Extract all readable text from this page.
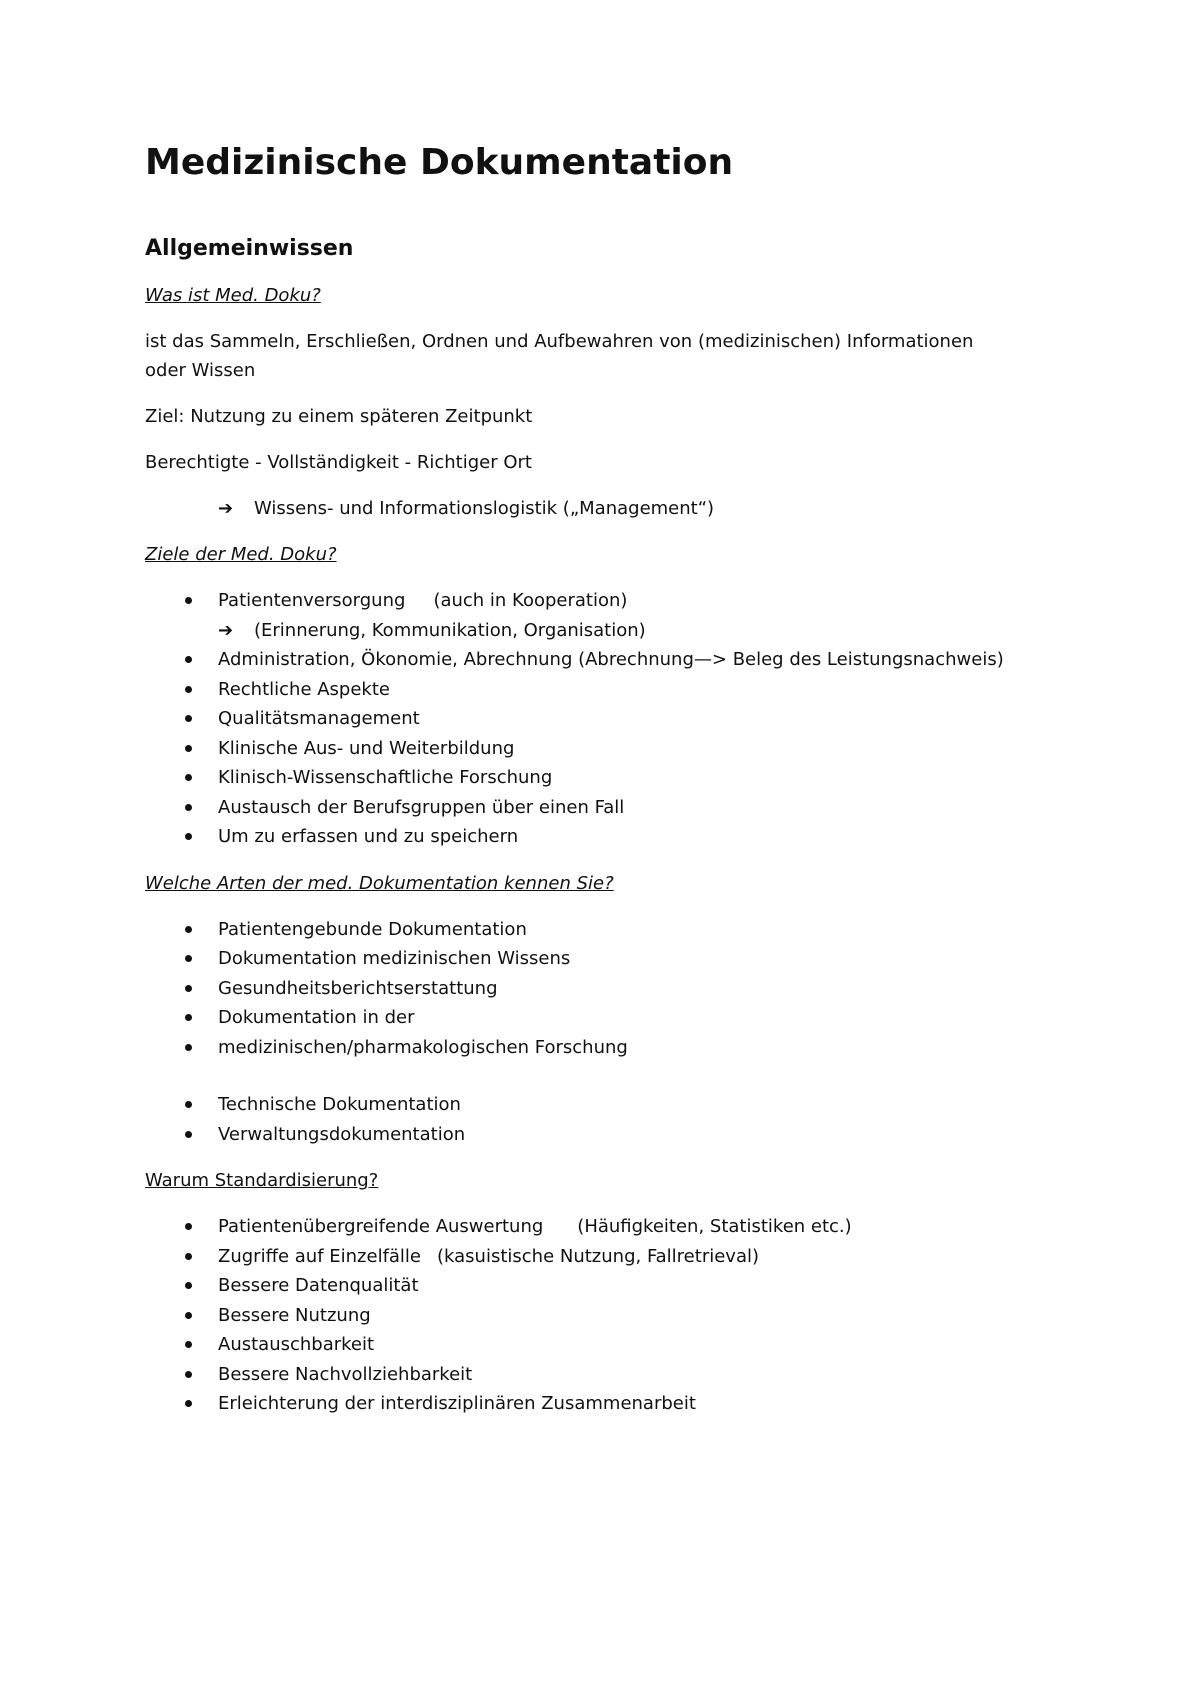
Medizinische Dokumentation
Allgemeinwissen

Was ist Med. Doku?

ist das Sammeln, Erschließen, Ordnen und Aufbewahren von (medizinischen) Informationen oder Wissen

Ziel: Nutzung zu einem späteren Zeitpunkt

Berechtigte - Vollständigkeit - Richtiger Ort

➔	Wissens- und Informationslogistik („Management“)

Ziele der Med. Doku?

Patientenversorgung (auch in Kooperation)
➔	(Erinnerung, Kommunikation, Organisation)
Administration, Ökonomie, Abrechnung (Abrechnung—> Beleg des Leistungsnachweis)
Rechtliche Aspekte
Qualitätsmanagement
Klinische Aus- und Weiterbildung
Klinisch-Wissenschaftliche Forschung
Austausch der Berufsgruppen über einen Fall
Um zu erfassen und zu speichern

Welche Arten der med. Dokumentation kennen Sie?

Patientengebunde Dokumentation
Dokumentation medizinischen Wissens
Gesundheitsberichtserstattung
Dokumentation in der
medizinischen/pharmakologischen Forschung
Technische Dokumentation
Verwaltungsdokumentation

Warum Standardisierung?

Patientenübergreifende Auswertung (Häufigkeiten, Statistiken etc.)
Zugriffe auf Einzelfälle (kasuistische Nutzung, Fallretrieval)
Bessere Datenqualität
Bessere Nutzung
Austauschbarkeit
Bessere Nachvollziehbarkeit
Erleichterung der interdisziplinären Zusammenarbeit
